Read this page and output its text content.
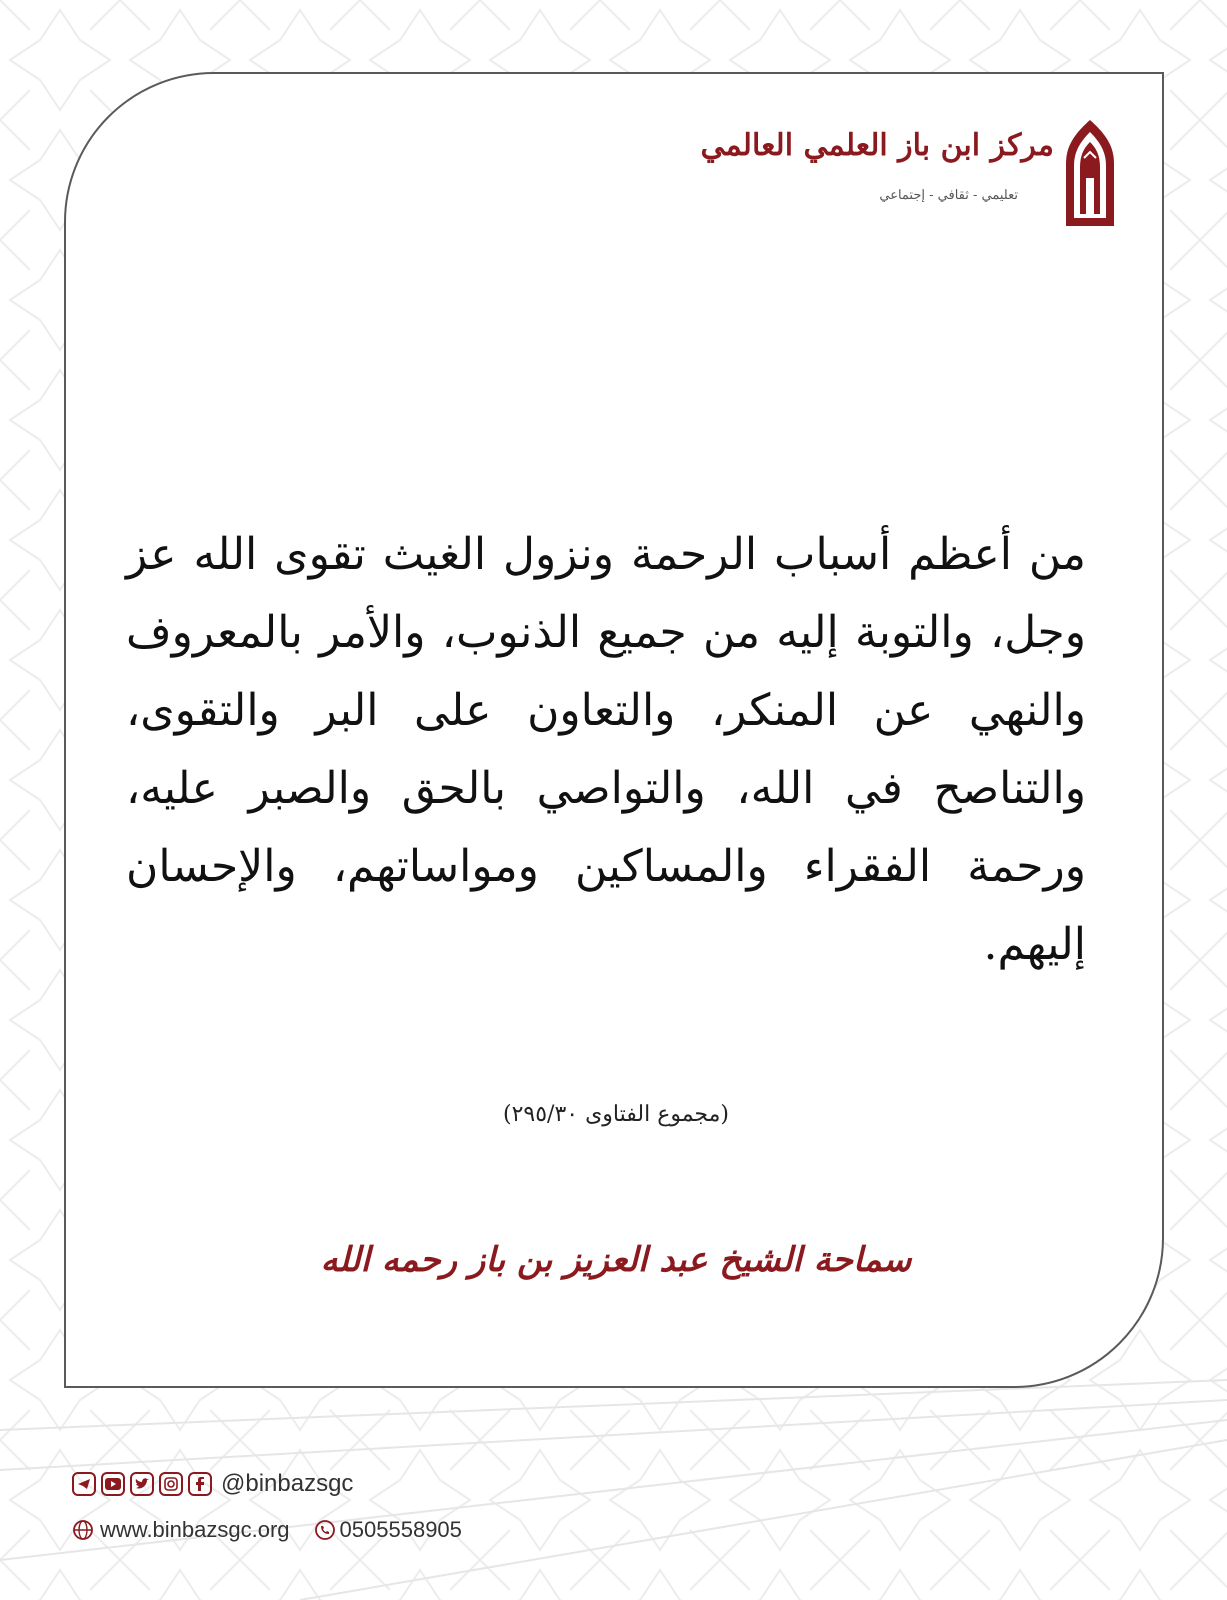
مركز ابن باز العلمي العالمي
تعليمي - ثقافي - إجتماعي
من أعظم أسباب الرحمة ونزول الغيث تقوى الله عز وجل، والتوبة إليه من جميع الذنوب، والأمر بالمعروف والنهي عن المنكر، والتعاون على البر والتقوى، والتناصح في الله، والتواصي بالحق والصبر عليه، ورحمة الفقراء والمساكين ومواساتهم، والإحسان إليهم.
(مجموع الفتاوى ٢٩٥/٣٠)
سماحة الشيخ عبد العزيز بن باز رحمه الله
@binbazsgc
www.binbazsgc.org 0505558905
